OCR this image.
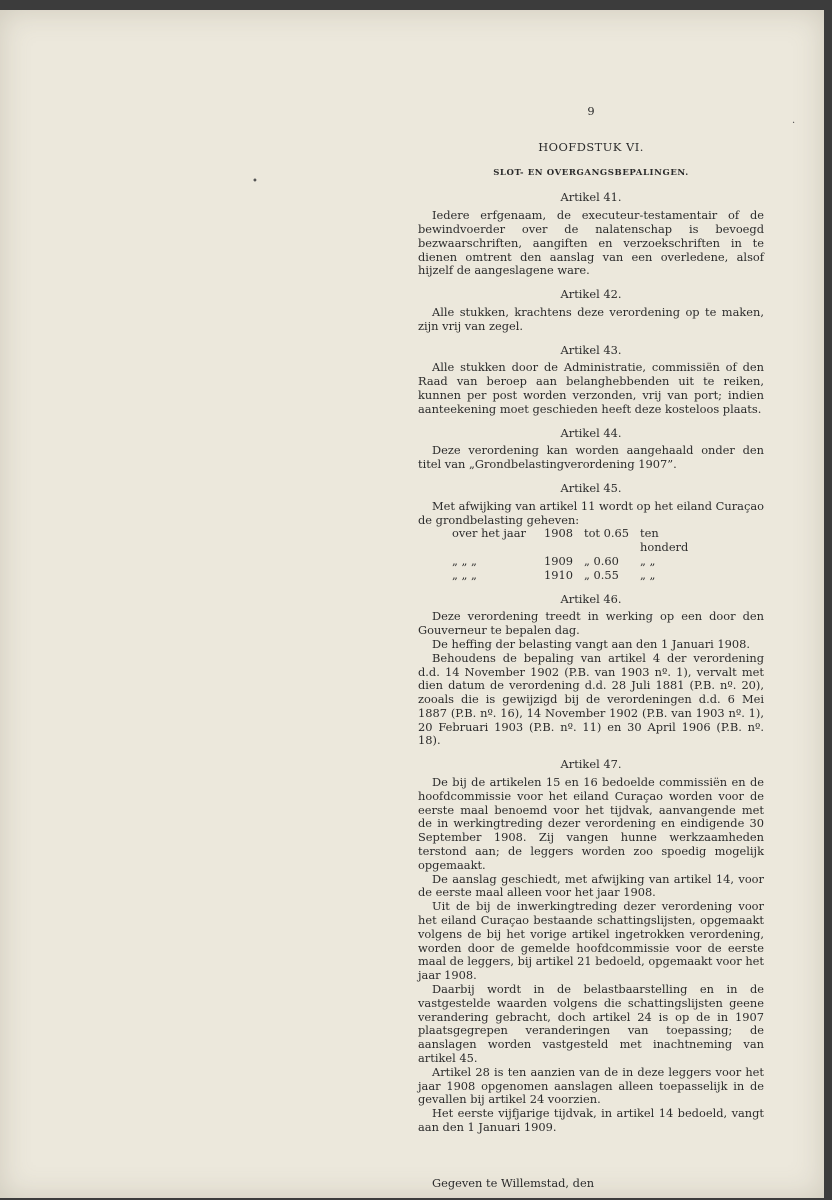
9
HOOFDSTUK VI.
SLOT- EN OVERGANGSBEPALINGEN.
Artikel 41.

Iedere erfgenaam, de executeur-testamentair of de bewindvoerder over de nalatenschap is bevoegd bezwaarschriften, aangiften en verzoekschriften in te dienen omtrent den aanslag van een overledene, alsof hijzelf de aangeslagene ware.

Artikel 42.

Alle stukken, krachtens deze verordening op te maken, zijn vrij van zegel.

Artikel 43.

Alle stukken door de Administratie, commissiën of den Raad van beroep aan belanghebbenden uit te reiken, kunnen per post worden verzonden, vrij van port; indien aanteekening moet geschieden heeft deze kosteloos plaats.

Artikel 44.

Deze verordening kan worden aangehaald onder den titel van „Grondbelastingverordening 1907”.

Artikel 45.

Met afwijking van artikel 11 wordt op het eiland Curaçao de grondbelasting geheven:

over het jaar	1908 tot 0.65 ten honderd
„ „ „	1909 „ 0.60	„ „
„ „ „	1910 „ 0.55	„ „
Artikel 46.

Deze verordening treedt in werking op een door den Gouverneur te bepalen dag.

De heffing der belasting vangt aan den 1 Januari 1908.

Behoudens de bepaling van artikel 4 der verordening d.d. 14 November 1902 (P.B. van 1903 nº. 1), vervalt met dien datum de verordening d.d. 28 Juli 1881 (P.B. nº. 20), zooals die is gewijzigd bij de verordeningen d.d. 6 Mei 1887 (P.B. nº. 16), 14 November 1902 (P.B. van 1903 nº. 1), 20 Februari 1903 (P.B. nº. 11) en 30 April 1906 (P.B. nº. 18).

Artikel 47.

De bij de artikelen 15 en 16 bedoelde commissiën en de hoofdcommissie voor het eiland Curaçao worden voor de eerste maal benoemd voor het tijdvak, aanvangende met de in werkingtreding dezer verordening en eindigende 30 September 1908. Zij vangen hunne werkzaamheden terstond aan; de leggers worden zoo spoedig mogelijk opgemaakt.

De aanslag geschiedt, met afwijking van artikel 14, voor de eerste maal alleen voor het jaar 1908.

Uit de bij de inwerkingtreding dezer verordening voor het eiland Curaçao bestaande schattingslijsten, opgemaakt volgens de bij het vorige artikel ingetrokken verordening, worden door de gemelde hoofdcommissie voor de eerste maal de leggers, bij artikel 21 bedoeld, opgemaakt voor het jaar 1908.

Daarbij wordt in de belastbaarstelling en in de vastgestelde waarden volgens die schattingslijsten geene verandering gebracht, doch artikel 24 is op de in 1907 plaatsgegrepen veranderingen van toepassing; de aanslagen worden vastgesteld met inachtneming van artikel 45.

Artikel 28 is ten aanzien van de in deze leggers voor het jaar 1908 opgenomen aanslagen alleen toepasselijk in de gevallen bij artikel 24 voorzien.

Het eerste vijfjarige tijdvak, in artikel 14 bedoeld, vangt aan den 1 Januari 1909.

Gegeven te Willemstad, den

•
·
